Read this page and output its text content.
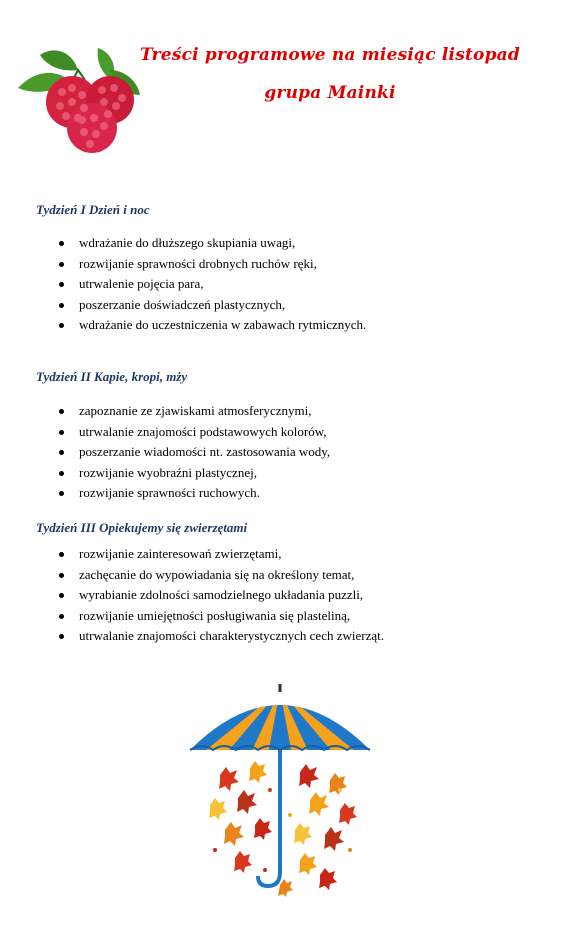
Treści programowe na miesiąc listopad
grupa Mainki
Tydzień I Dzień i noc
wdrażanie do dłuższego skupiania uwagi,
rozwijanie sprawności drobnych ruchów ręki,
utrwalenie pojęcia para,
poszerzanie doświadczeń plastycznych,
wdrażanie do uczestniczenia w zabawach rytmicznych.
Tydzień II Kapie, kropi, mży
zapoznanie ze zjawiskami atmosferycznymi,
utrwalanie znajomości podstawowych kolorów,
poszerzanie wiadomości nt. zastosowania wody,
rozwijanie wyobraźni plastycznej,
rozwijanie sprawności ruchowych.
Tydzień III Opiekujemy się zwierzętami
rozwijanie zainteresowań zwierzętami,
zachęcanie do wypowiadania się na określony temat,
wyrabianie zdolności samodzielnego układania puzzli,
rozwijanie umiejętności posługiwania się plasteliną,
utrwalanie znajomości charakterystycznych cech zwierząt.
